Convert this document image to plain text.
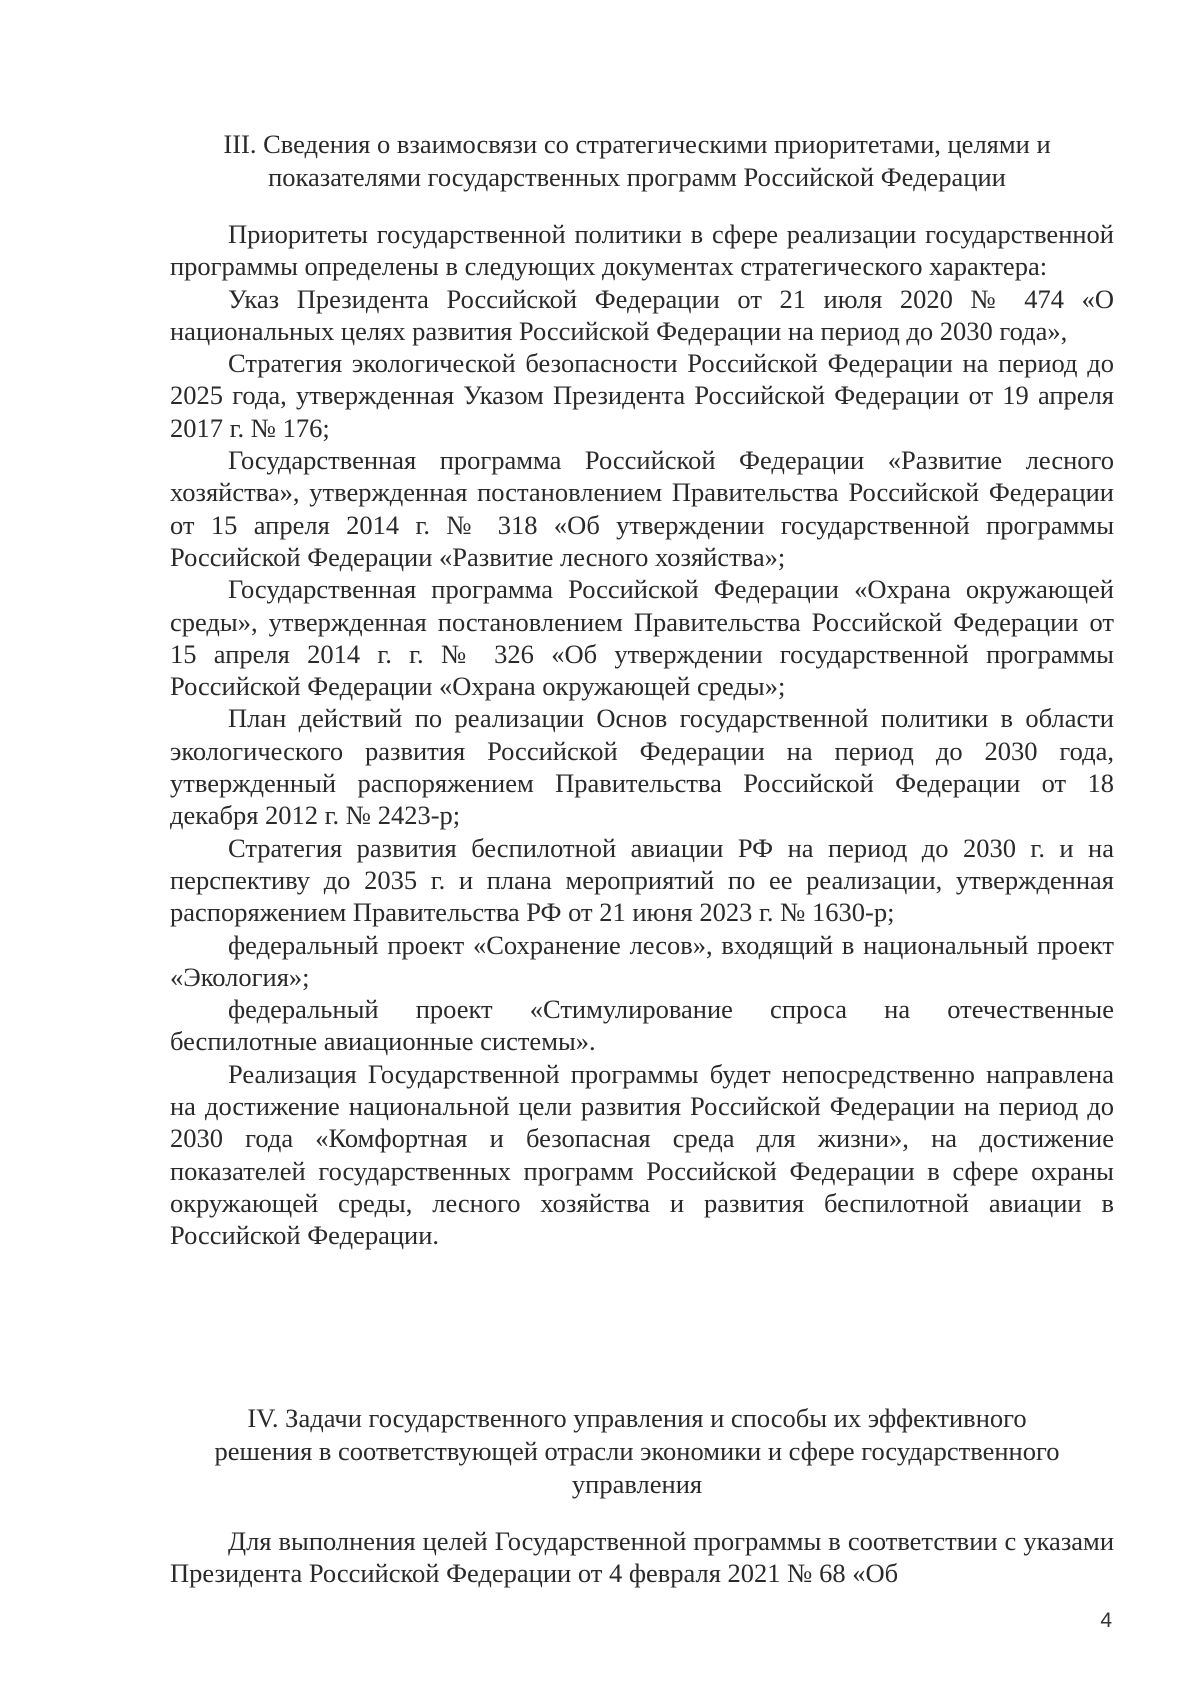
III. Сведения о взаимосвязи со стратегическими приоритетами, целями и
показателями государственных программ Российской Федерации

Приоритеты государственной политики в сфере реализации государственной программы определены в следующих документах стратегического характера:

Указ Президента Российской Федерации от 21 июля 2020 № 474 «О национальных целях развития Российской Федерации на период до 2030 года»,

Стратегия экологической безопасности Российской Федерации на период до 2025 года, утвержденная Указом Президента Российской Федерации от 19 апреля 2017 г. № 176;

Государственная программа Российской Федерации «Развитие лесного хозяйства», утвержденная постановлением Правительства Российской Федерации от 15 апреля 2014 г. № 318 «Об утверждении государственной программы Российской Федерации «Развитие лесного хозяйства»;

Государственная программа Российской Федерации «Охрана окружающей среды», утвержденная постановлением Правительства Российской Федерации от 15 апреля 2014 г. г. № 326 «Об утверждении государственной программы Российской Федерации «Охрана окружающей среды»;

План действий по реализации Основ государственной политики в области экологического развития Российской Федерации на период до 2030 года, утвержденный распоряжением Правительства Российской Федерации от 18 декабря 2012 г. № 2423-р;

Стратегия развития беспилотной авиации РФ на период до 2030 г. и на перспективу до 2035 г. и плана мероприятий по ее реализации, утвержденная распоряжением Правительства РФ от 21 июня 2023 г. № 1630-р;

федеральный проект «Сохранение лесов», входящий в национальный проект «Экология»;

федеральный проект «Стимулирование спроса на отечественные беспилотные авиационные системы».

Реализация Государственной программы будет непосредственно направлена на достижение национальной цели развития Российской Федерации на период до 2030 года «Комфортная и безопасная среда для жизни», на достижение показателей государственных программ Российской Федерации в сфере охраны окружающей среды, лесного хозяйства и развития беспилотной авиации в Российской Федерации.

IV. Задачи государственного управления и способы их эффективного
решения в соответствующей отрасли экономики и сфере государственного
управления

Для выполнения целей Государственной программы в соответствии с указами Президента Российской Федерации от 4 февраля 2021 № 68 «Об

4
